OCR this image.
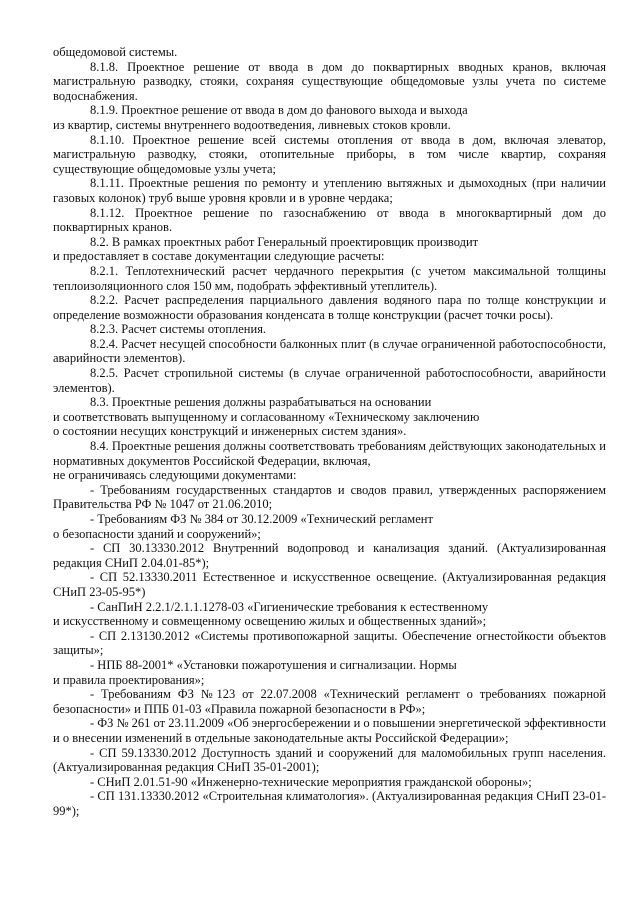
общедомовой системы.

8.1.8. Проектное решение от ввода в дом до поквартирных вводных кранов, включая магистральную разводку, стояки, сохраняя существующие общедомовые узлы учета по системе водоснабжения.

8.1.9. Проектное решение от ввода в дом до фанового выхода и выхода

из квартир, системы внутреннего водоотведения, ливневых стоков кровли.

8.1.10. Проектное решение всей системы отопления от ввода в дом, включая элеватор, магистральную разводку, стояки, отопительные приборы, в том числе квартир, сохраняя существующие общедомовые узлы учета;

8.1.11. Проектные решения по ремонту и утеплению вытяжных и дымоходных (при наличии газовых колонок) труб выше уровня кровли и в уровне чердака;

8.1.12. Проектное решение по газоснабжению от ввода в многоквартирный дом до поквартирных кранов.

8.2. В рамках проектных работ Генеральный проектировщик производит

и предоставляет в составе документации следующие расчеты:

8.2.1. Теплотехнический расчет чердачного перекрытия (с учетом максимальной толщины теплоизоляционного слоя 150 мм, подобрать эффективный утеплитель).

8.2.2. Расчет распределения парциального давления водяного пара по толще конструкции и определение возможности образования конденсата в толще конструкции (расчет точки росы).

8.2.3. Расчет системы отопления.

8.2.4. Расчет несущей способности балконных плит (в случае ограниченной работоспособности, аварийности элементов).

8.2.5. Расчет стропильной системы (в случае ограниченной работоспособности, аварийности элементов).

8.3. Проектные решения должны разрабатываться на основании

и соответствовать выпущенному и согласованному «Техническому заключению

о состоянии несущих конструкций и инженерных систем здания».

8.4. Проектные решения должны соответствовать требованиям действующих законодательных и нормативных документов Российской Федерации, включая,

не ограничиваясь следующими документами:

- Требованиям государственных стандартов и сводов правил, утвержденных распоряжением Правительства РФ № 1047 от 21.06.2010;

- Требованиям ФЗ № 384 от 30.12.2009 «Технический регламент

о безопасности зданий и сооружений»;

- СП 30.13330.2012 Внутренний водопровод и канализация зданий. (Актуализированная редакция СНиП 2.04.01-85*);

- СП 52.13330.2011 Естественное и искусственное освещение. (Актуализированная редакция СНиП 23-05-95*)

- СанПиН 2.2.1/2.1.1.1278-03 «Гигиенические требования к естественному

и искусственному и совмещенному освещению жилых и общественных зданий»;

- СП 2.13130.2012 «Системы противопожарной защиты. Обеспечение огнестойкости объектов защиты»;

- НПБ 88-2001* «Установки пожаротушения и сигнализации. Нормы

и правила проектирования»;

- Требованиям ФЗ №123 от 22.07.2008 «Технический регламент о требованиях пожарной безопасности» и ППБ 01-03 «Правила пожарной безопасности в РФ»;

- ФЗ № 261 от 23.11.2009 «Об энергосбережении и о повышении энергетической эффективности и о внесении изменений в отдельные законодательные акты Российской Федерации»;

- СП 59.13330.2012 Доступность зданий и сооружений для маломобильных групп населения. (Актуализированная редакция СНиП 35-01-2001);

- СНиП 2.01.51-90 «Инженерно-технические мероприятия гражданской обороны»;

- СП 131.13330.2012 «Строительная климатология». (Актуализированная редакция СНиП 23-01-99*);
